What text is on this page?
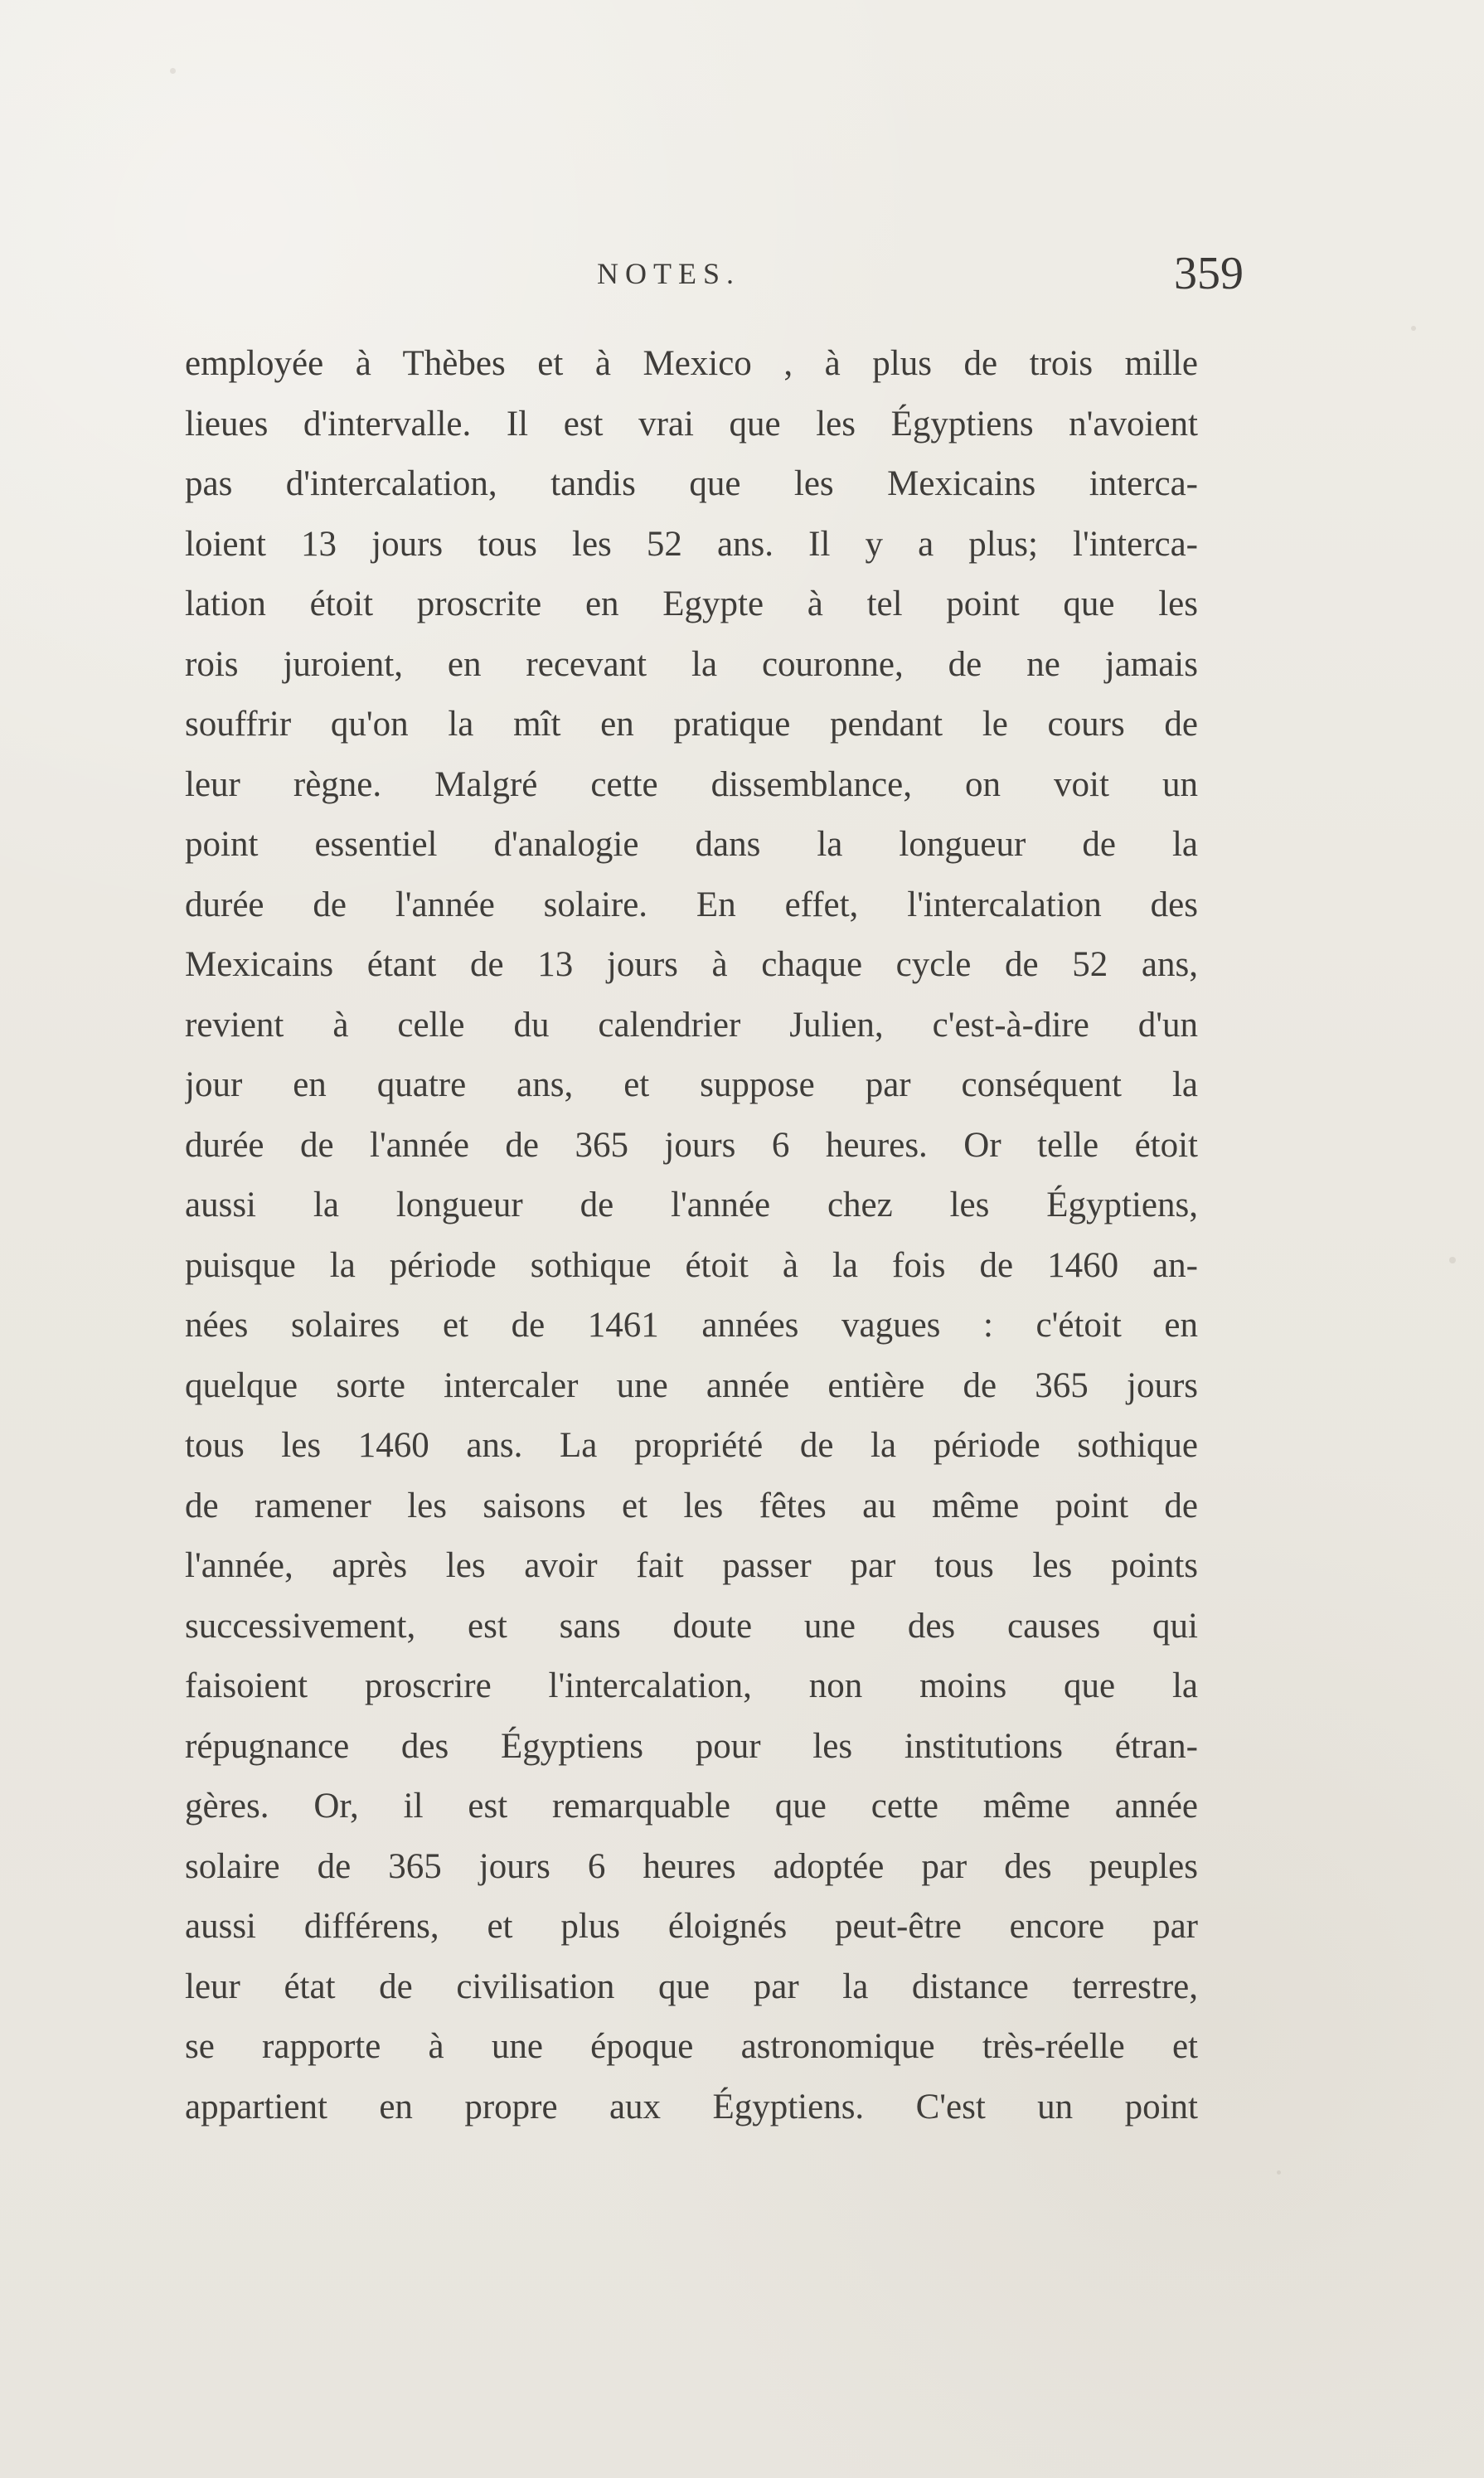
NOTES.	359
employée à Thèbes et à Mexico , à plus de trois mille
lieues d'intervalle. Il est vrai que les Égyptiens n'avoient
pas d'intercalation, tandis que les Mexicains interca-
loient 13 jours tous les 52 ans. Il y a plus; l'interca-
lation étoit proscrite en Egypte à tel point que les
rois juroient, en recevant la couronne, de ne jamais
souffrir qu'on la mît en pratique pendant le cours de
leur règne. Malgré cette dissemblance, on voit un
point essentiel d'analogie dans la longueur de la
durée de l'année solaire. En effet, l'intercalation des
Mexicains étant de 13 jours à chaque cycle de 52 ans,
revient à celle du calendrier Julien, c'est-à-dire d'un
jour en quatre ans, et suppose par conséquent la
durée de l'année de 365 jours 6 heures. Or telle étoit
aussi la longueur de l'année chez les Égyptiens,
puisque la période sothique étoit à la fois de 1460 an-
nées solaires et de 1461 années vagues : c'étoit en
quelque sorte intercaler une année entière de 365 jours
tous les 1460 ans. La propriété de la période sothique
de ramener les saisons et les fêtes au même point de
l'année, après les avoir fait passer par tous les points
successivement, est sans doute une des causes qui
faisoient proscrire l'intercalation, non moins que la
répugnance des Égyptiens pour les institutions étran-
gères. Or, il est remarquable que cette même année
solaire de 365 jours 6 heures adoptée par des peuples
aussi différens, et plus éloignés peut-être encore par
leur état de civilisation que par la distance terrestre,
se rapporte à une époque astronomique très-réelle et
appartient en propre aux Égyptiens. C'est un point
